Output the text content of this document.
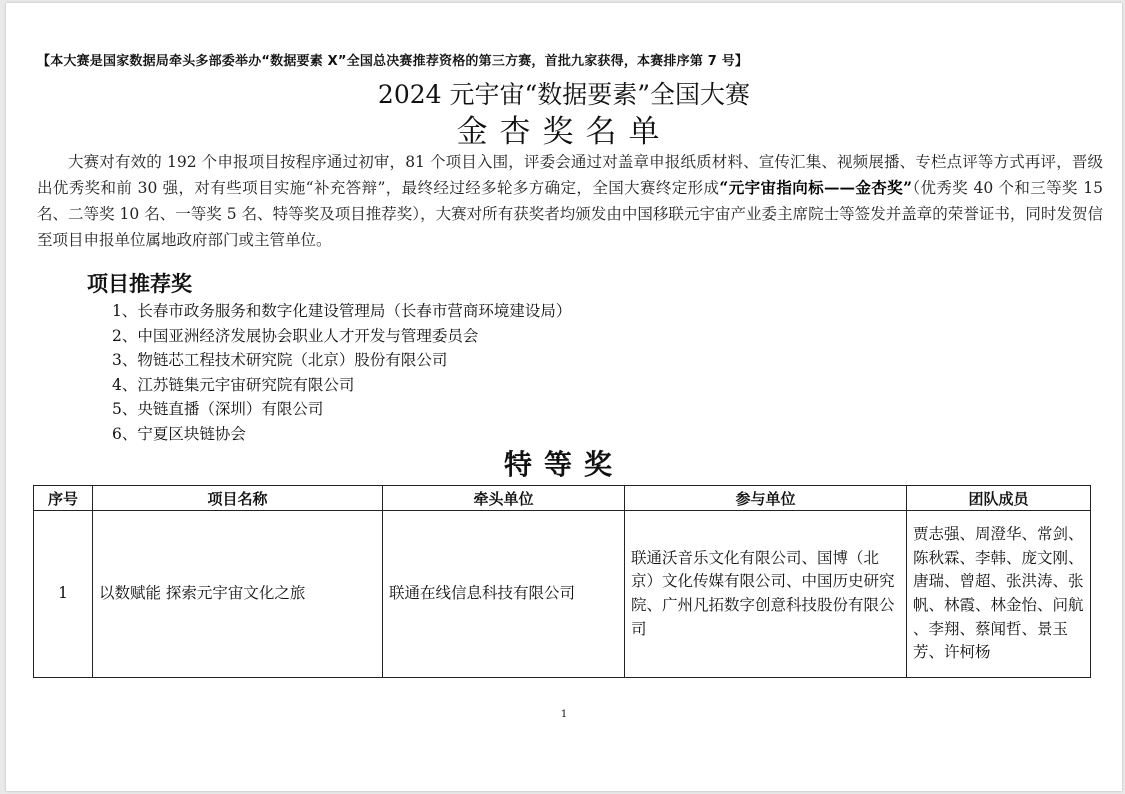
【本大赛是国家数据局牵头多部委举办“数据要素 X”全国总决赛推荐资格的第三方赛，首批九家获得，本赛排序第 7 号】
2024 元宇宙“数据要素”全国大赛
金杏奖名单

大赛对有效的 192 个申报项目按程序通过初审，81 个项目入围，评委会通过对盖章申报纸质材料、宣传汇集、视频展播、专栏点评等方式再评，晋级出优秀奖和前 30 强，对有些项目实施“补充答辩”，最终经过经多轮多方确定，全国大赛终定形成“元宇宙指向标——金杏奖”（优秀奖 40 个和三等奖 15 名、二等奖 10 名、一等奖 5 名、特等奖及项目推荐奖），大赛对所有获奖者均颁发由中国移联元宇宙产业委主席院士等签发并盖章的荣誉证书，同时发贺信至项目申报单位属地政府部门或主管单位。

项目推荐奖
1、长春市政务服务和数字化建设管理局（长春市营商环境建设局）
2、中国亚洲经济发展协会职业人才开发与管理委员会
3、物链芯工程技术研究院（北京）股份有限公司
4、江苏链集元宇宙研究院有限公司
5、央链直播（深圳）有限公司
6、宁夏区块链协会
特等奖
序号	项目名称	牵头单位	参与单位	团队成员
1	以数赋能 探索元宇宙文化之旅	联通在线信息科技有限公司	联通沃音乐文化有限公司、国博（北京）文化传媒有限公司、中国历史研究院、广州凡拓数字创意科技股份有限公司	贾志强、周澄华、常剑、陈秋霖、李韩、庞文刚、唐瑞、曾超、张洪涛、张帆、林霞、林金怡、问航 、李翔、蔡闻哲、景玉芳、许柯杨
1
